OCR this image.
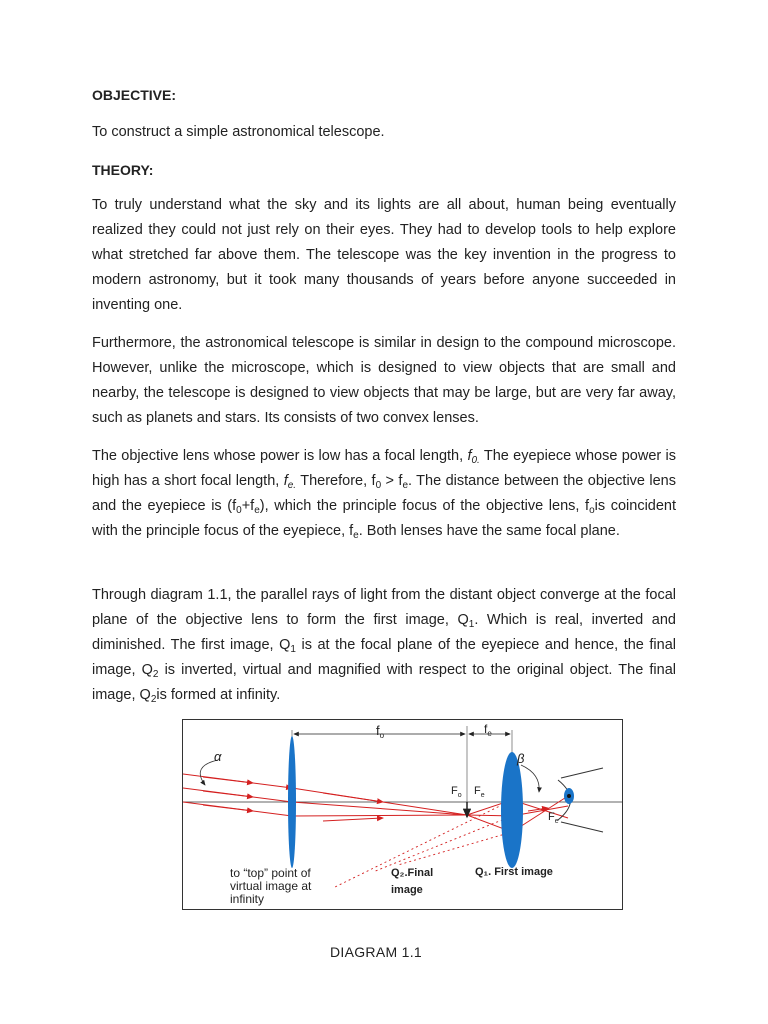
OBJECTIVE:

To construct a simple astronomical telescope.

THEORY:

To truly understand what the sky and its lights are all about, human being eventually realized they could not just rely on their eyes. They had to develop tools to help explore what stretched far above them. The telescope was the key invention in the progress to modern astronomy, but it took many thousands of years before anyone succeeded in inventing one.

Furthermore, the astronomical telescope is similar in design to the compound microscope. However, unlike the microscope, which is designed to view objects that are small and nearby, the telescope is designed to view objects that may be large, but are very far away, such as planets and stars. Its consists of two convex lenses.

The objective lens whose power is low has a focal length, $f_{0.}$ The eyepiece whose power is high has a short focal length, $f_{e.}$ Therefore, $f_0 > f_e$. The distance between the objective lens and the eyepiece is $(f_0+f_e)$, which the principle focus of the objective lens, $f_ois$ coincident with the principle focus of the eyepiece, $f_e$. Both lenses have the same focal plane.

Through diagram 1.1, the parallel rays of light from the distant object converge at the focal plane of the objective lens to form the first image, $Q_1$. Which is real, inverted and diminished. The first image, $Q_1$ is at the focal plane of the eyepiece and hence, the final image, $Q_2$ is inverted, virtual and magnified with respect to the original object. The final image, $Q_2is$ formed at infinity.

$f_o$	$f_e$
α	β
$F_o$ $F_e$
$F_e$
to “top” point of
virtual image at
infinity
Q₂.Final
image
Q₁. First image

DIAGRAM 1.1
